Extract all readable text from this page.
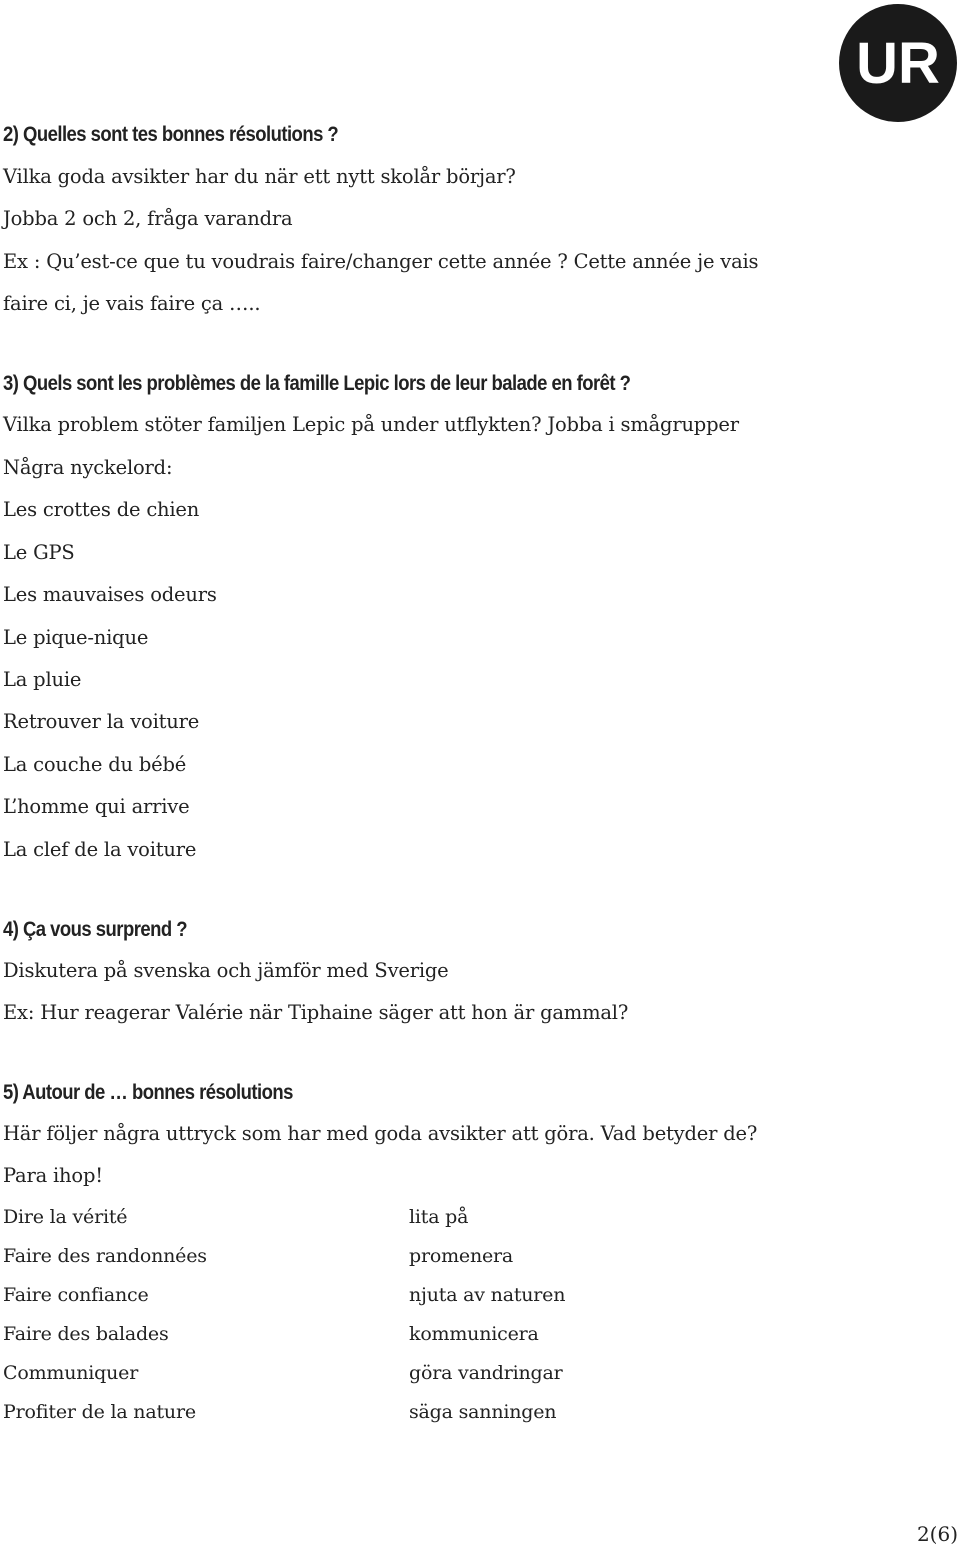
UR
2) Quelles sont tes bonnes résolutions ?
Vilka goda avsikter har du när ett nytt skolår börjar?
Jobba 2 och 2, fråga varandra
Ex : Qu’est-ce que tu voudrais faire/changer cette année ? Cette année je vais
faire ci, je vais faire ça …..
3) Quels sont les problèmes de la famille Lepic lors de leur balade en forêt ?
Vilka problem stöter familjen Lepic på under utflykten? Jobba i smågrupper
Några nyckelord:
Les crottes de chien
Le GPS
Les mauvaises odeurs
Le pique-nique
La pluie
Retrouver la voiture
La couche du bébé
L’homme qui arrive
La clef de la voiture
4) Ça vous surprend ?
Diskutera på svenska och jämför med Sverige
Ex: Hur reagerar Valérie när Tiphaine säger att hon är gammal?
5) Autour de … bonnes résolutions
Här följer några uttryck som har med goda avsikter att göra. Vad betyder de?
Para ihop!
Dire la vérité
Faire des randonnées
Faire confiance
Faire des balades
Communiquer
Profiter de la nature
lita på
promenera
njuta av naturen
kommunicera
göra vandringar
säga sanningen
2(6)
